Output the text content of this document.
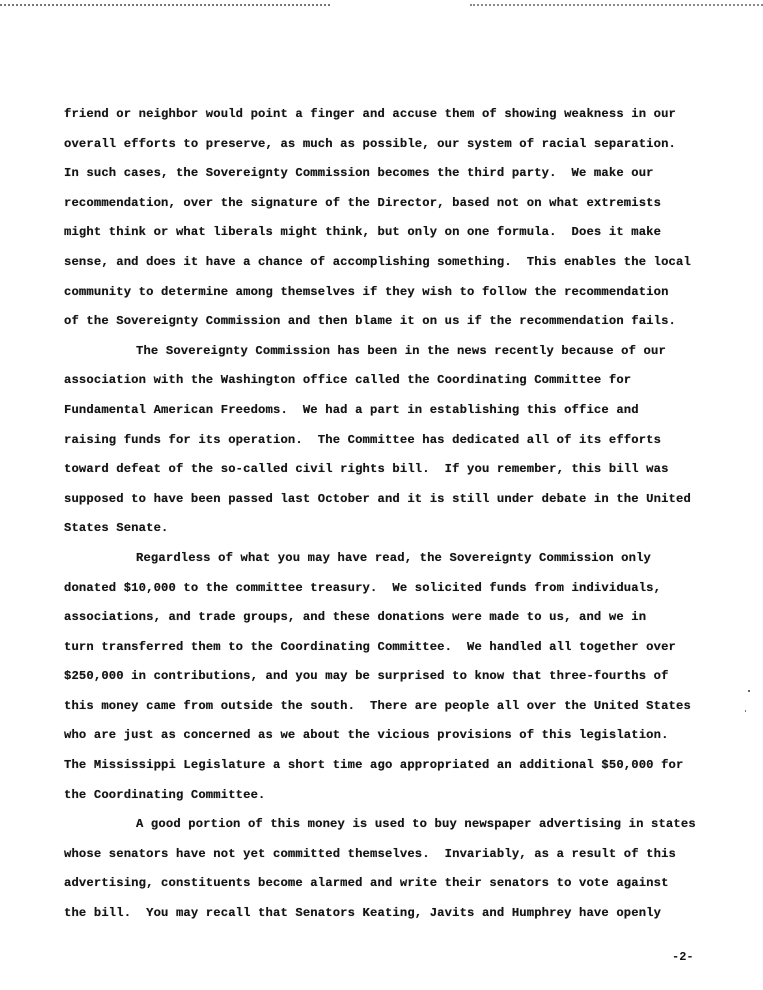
friend or neighbor would point a finger and accuse them of showing weakness in our
overall efforts to preserve, as much as possible, our system of racial separation.
In such cases, the Sovereignty Commission becomes the third party.  We make our
recommendation, over the signature of the Director, based not on what extremists
might think or what liberals might think, but only on one formula.  Does it make
sense, and does it have a chance of accomplishing something.  This enables the local
community to determine among themselves if they wish to follow the recommendation
of the Sovereignty Commission and then blame it on us if the recommendation fails.
The Sovereignty Commission has been in the news recently because of our
association with the Washington office called the Coordinating Committee for
Fundamental American Freedoms.  We had a part in establishing this office and
raising funds for its operation.  The Committee has dedicated all of its efforts
toward defeat of the so-called civil rights bill.  If you remember, this bill was
supposed to have been passed last October and it is still under debate in the United
States Senate.
Regardless of what you may have read, the Sovereignty Commission only
donated $10,000 to the committee treasury.  We solicited funds from individuals,
associations, and trade groups, and these donations were made to us, and we in
turn transferred them to the Coordinating Committee.  We handled all together over
$250,000 in contributions, and you may be surprised to know that three-fourths of
this money came from outside the south.  There are people all over the United States
who are just as concerned as we about the vicious provisions of this legislation.
The Mississippi Legislature a short time ago appropriated an additional $50,000 for
the Coordinating Committee.
A good portion of this money is used to buy newspaper advertising in states
whose senators have not yet committed themselves.  Invariably, as a result of this
advertising, constituents become alarmed and write their senators to vote against
the bill.  You may recall that Senators Keating, Javits and Humphrey have openly
-2-
